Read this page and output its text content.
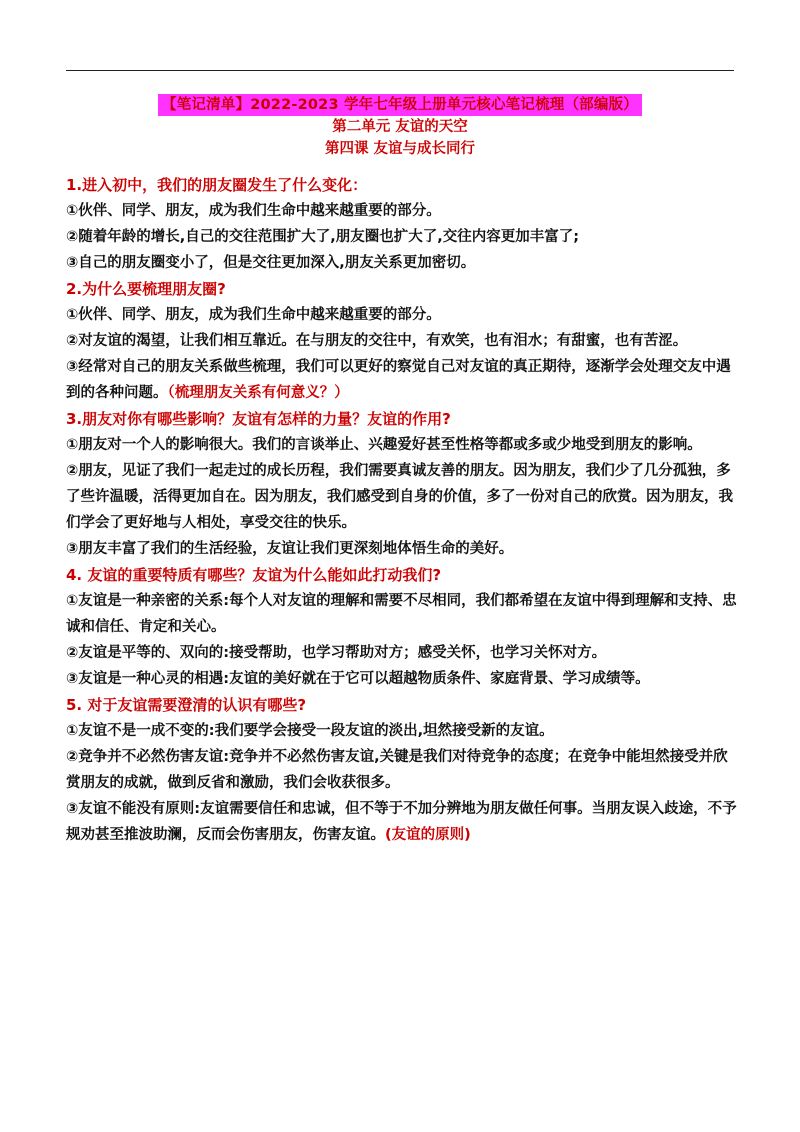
【笔记清单】2022-2023 学年七年级上册单元核心笔记梳理（部编版）
第二单元 友谊的天空
第四课 友谊与成长同行

1.进入初中，我们的朋友圈发生了什么变化：

①伙伴、同学、朋友，成为我们生命中越来越重要的部分。

②随着年龄的增长,自己的交往范围扩大了,朋友圈也扩大了,交往内容更加丰富了;

③自己的朋友圈变小了，但是交往更加深入,朋友关系更加密切。

2.为什么要梳理朋友圈?

①伙伴、同学、朋友，成为我们生命中越来越重要的部分。

②对友谊的渴望，让我们相互靠近。在与朋友的交往中，有欢笑，也有泪水；有甜蜜，也有苦涩。

③经常对自己的朋友关系做些梳理，我们可以更好的察觉自己对友谊的真正期待，逐渐学会处理交友中遇到的各种问题。（梳理朋友关系有何意义？）

3.朋友对你有哪些影响？友谊有怎样的力量？友谊的作用?

①朋友对一个人的影响很大。我们的言谈举止、兴趣爱好甚至性格等都或多或少地受到朋友的影响。

②朋友，见证了我们一起走过的成长历程，我们需要真诚友善的朋友。因为朋友，我们少了几分孤独，多了些许温暖，活得更加自在。因为朋友，我们感受到自身的价值，多了一份对自己的欣赏。因为朋友，我们学会了更好地与人相处，享受交往的快乐。

③朋友丰富了我们的生活经验，友谊让我们更深刻地体悟生命的美好。

4. 友谊的重要特质有哪些？友谊为什么能如此打动我们?

①友谊是一种亲密的关系:每个人对友谊的理解和需要不尽相同，我们都希望在友谊中得到理解和支持、忠诚和信任、肯定和关心。

②友谊是平等的、双向的:接受帮助，也学习帮助对方；感受关怀，也学习关怀对方。

③友谊是一种心灵的相遇:友谊的美好就在于它可以超越物质条件、家庭背景、学习成绩等。

5. 对于友谊需要澄清的认识有哪些?

①友谊不是一成不变的:我们要学会接受一段友谊的淡出,坦然接受新的友谊。

②竞争并不必然伤害友谊:竞争并不必然伤害友谊,关键是我们对待竞争的态度；在竞争中能坦然接受并欣赏朋友的成就，做到反省和激励，我们会收获很多。

③友谊不能没有原则:友谊需要信任和忠诚，但不等于不加分辨地为朋友做任何事。当朋友误入歧途，不予规劝甚至推波助澜，反而会伤害朋友，伤害友谊。(友谊的原则)
